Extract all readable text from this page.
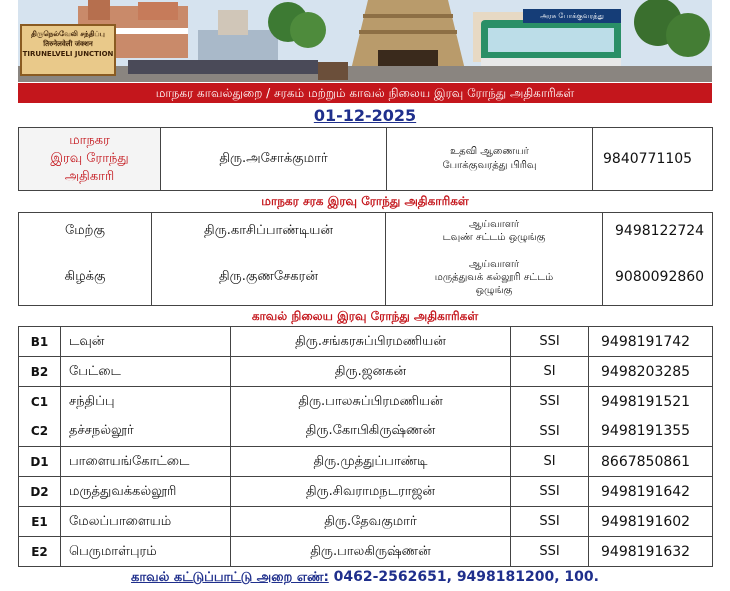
திருநெல்வேலி சந்திப்பு
तिरुनेलवेली जंक्शन
TIRUNELVELI JUNCTION
அரசு போக்குவரத்து
மாநகர காவல்துறை / சரகம் மற்றும் காவல் நிலைய இரவு ரோந்து அதிகாரிகள்
01-12-2025
மாநகர
இரவு ரோந்து
அதிகாரி
	திரு.அசோக்குமார்	உதவி ஆணையர்
போக்குவரத்து பிரிவு	9840771105
மாநகர சரக இரவு ரோந்து அதிகாரிகள்
மேற்கு	திரு.காசிப்பாண்டியன்	ஆய்வாளர்
டவுண் சட்டம் ஒழுங்கு	9498122724
கிழக்கு	திரு.குணசேகரன்	ஆய்வாளர்
மருத்துவக் கல்லூரி சட்டம்
ஒழுங்கு	9080092860
காவல் நிலைய இரவு ரோந்து அதிகாரிகள்
B1	டவுன்	திரு.சங்கரசுப்பிரமணியன்	SSI	9498191742
B2	பேட்டை	திரு.ஜனகன்	SI	9498203285
C1	சந்திப்பு	திரு.பாலசுப்பிரமணியன்	SSI	9498191521
C2	தச்சநல்லூர்	திரு.கோபிகிருஷ்ணன்	SSI	9498191355
D1	பாளையங்கோட்டை	திரு.முத்துப்பாண்டி	SI	8667850861
D2	மருத்துவக்கல்லூரி	திரு.சிவராமநடராஜன்	SSI	9498191642
E1	மேலப்பாளையம்	திரு.தேவகுமார்	SSI	9498191602
E2	பெருமாள்புரம்	திரு.பாலகிருஷ்ணன்	SSI	9498191632
காவல் கட்டுப்பாட்டு அறை எண்: 0462-2562651, 9498181200, 100.
